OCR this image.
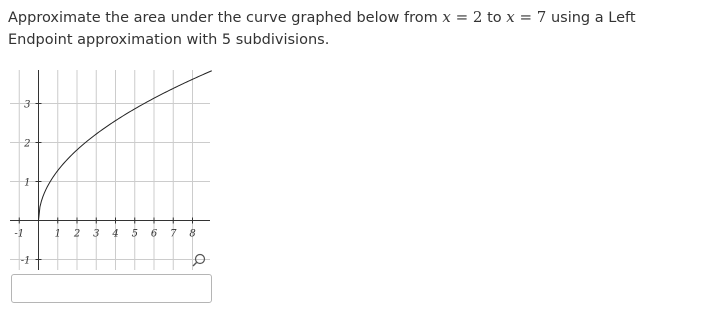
Approximate the area under the curve graphed below from x = 2 to x = 7 using a Left Endpoint approximation with 5 subdivisions.
-1	1 2 3 4 5 6 7 8
3
2
1
-1
